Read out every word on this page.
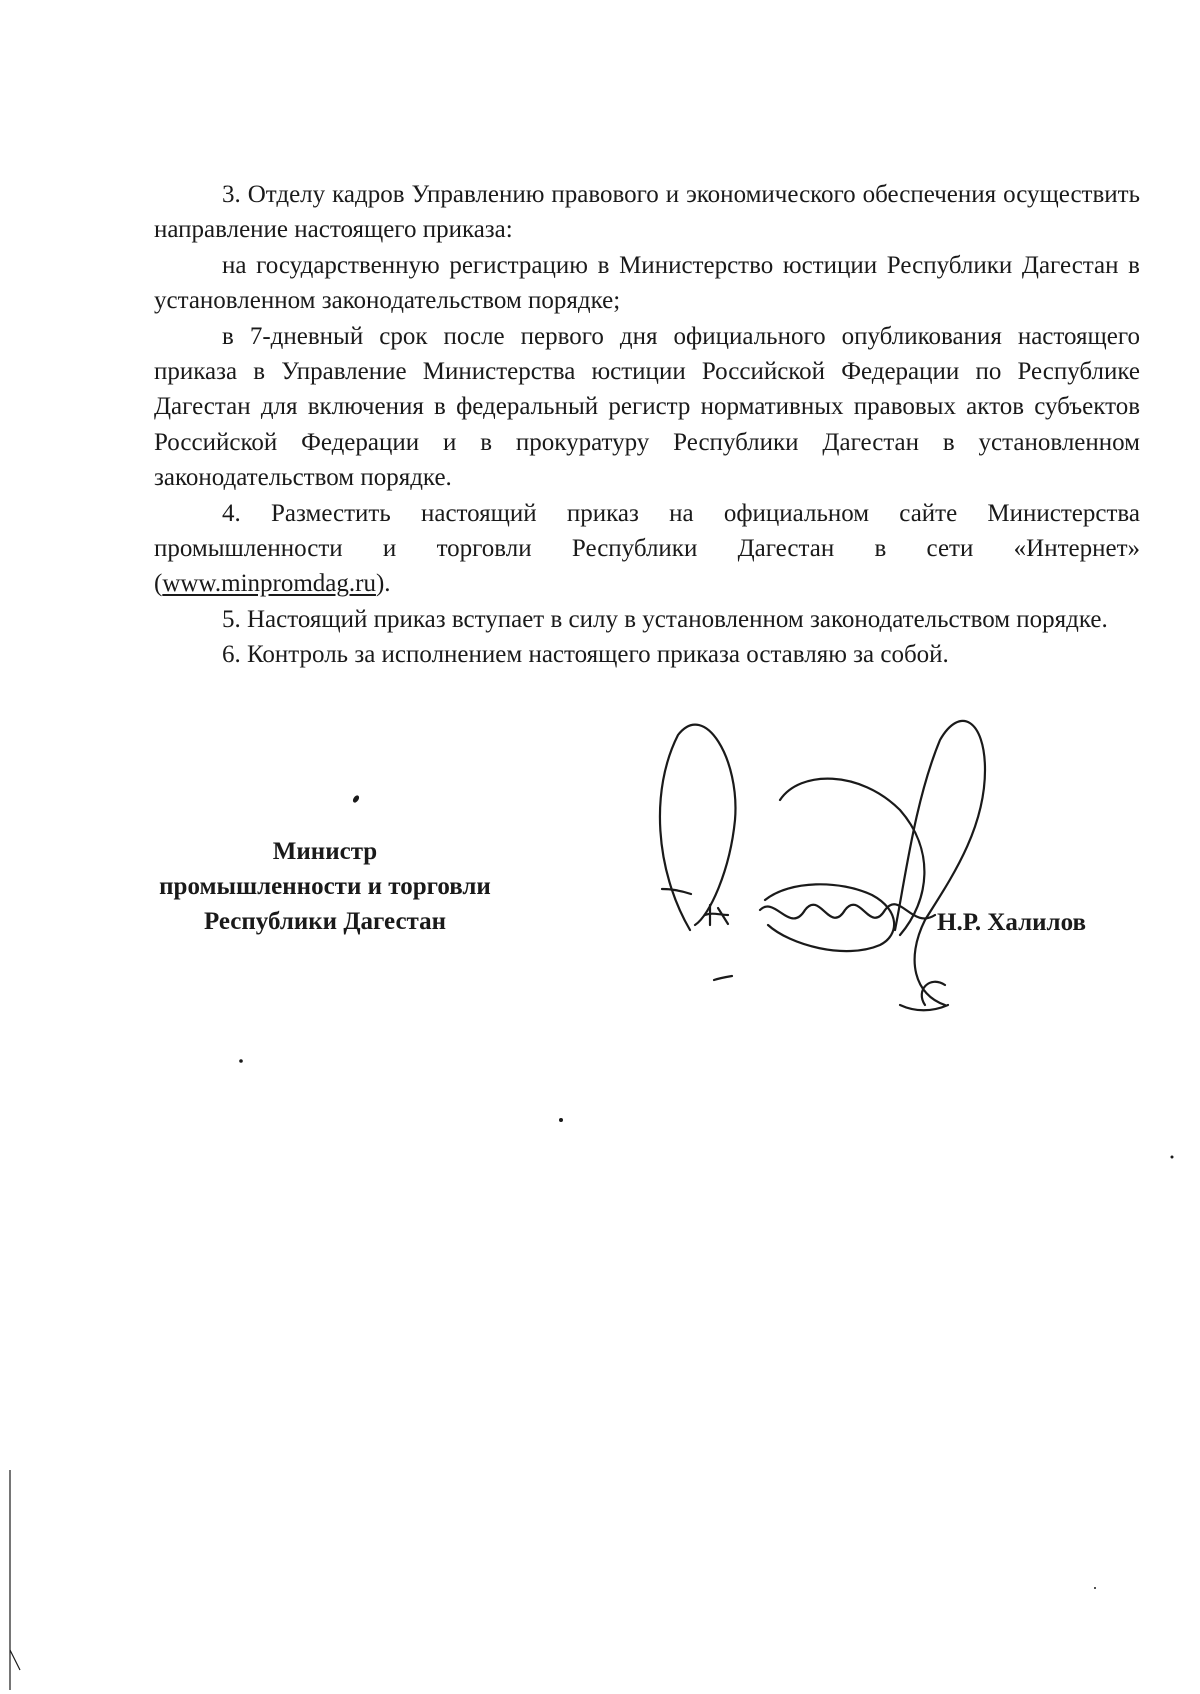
3. Отделу кадров Управлению правового и экономического обеспечения осуществить направление настоящего приказа:

на государственную регистрацию в Министерство юстиции Республики Дагестан в установленном законодательством порядке;

в 7-дневный срок после первого дня официального опубликования настоящего приказа в Управление Министерства юстиции Российской Федерации по Республике Дагестан для включения в федеральный регистр нормативных правовых актов субъектов Российской Федерации и в прокуратуру Республики Дагестан в установленном законодательством порядке.

4. Разместить настоящий приказ на официальном сайте Министерства промышленности и торговли Республики Дагестан в сети «Интернет» (www.minpromdag.ru).

5. Настоящий приказ вступает в силу в установленном законодательством порядке.

6. Контроль за исполнением настоящего приказа оставляю за собой.

Министр
промышленности и торговли
Республики Дагестан	Н.Р. Халилов
